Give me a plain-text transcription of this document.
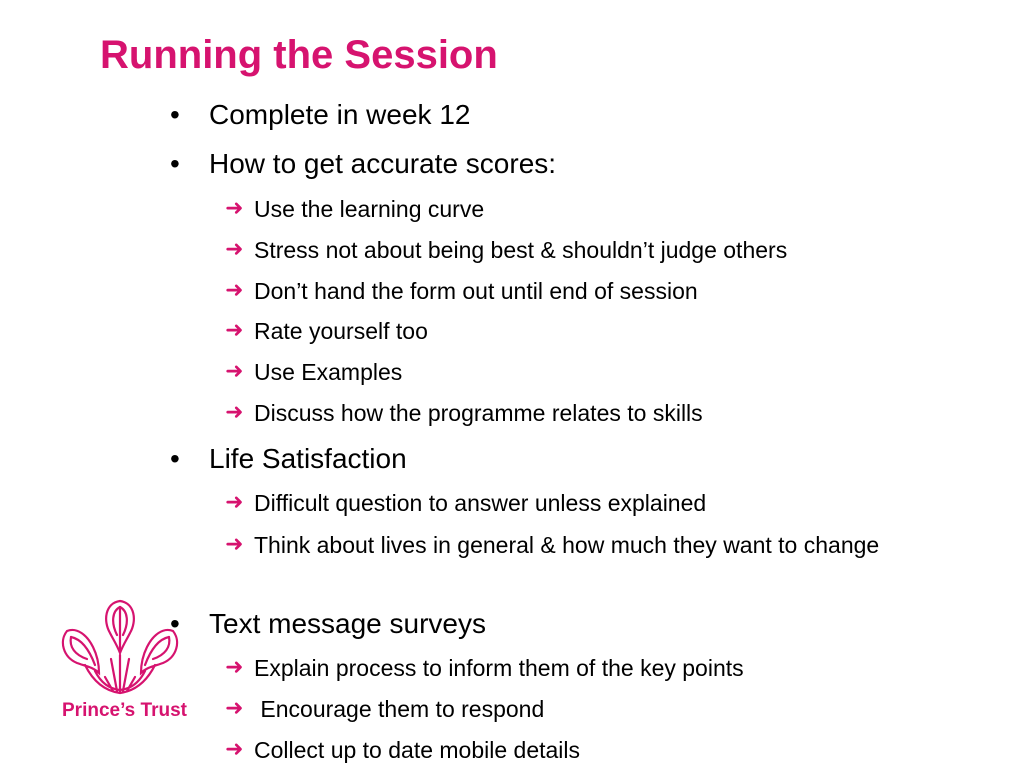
Running the Session
• Complete in week 12
• How to get accurate scores:
➜ Use the learning curve
➜ Stress not about being best & shouldn’t judge others
➜ Don’t hand the form out until end of session
➜ Rate yourself too
➜ Use Examples
➜ Discuss how the programme relates to skills
• Life Satisfaction
➜ Difficult question to answer unless explained
➜ Think about lives in general & how much they want to change
• Text message surveys
➜ Explain process to inform them of the key points
➜ Encourage them to respond
➜ Collect up to date mobile details
Prince’s Trust
